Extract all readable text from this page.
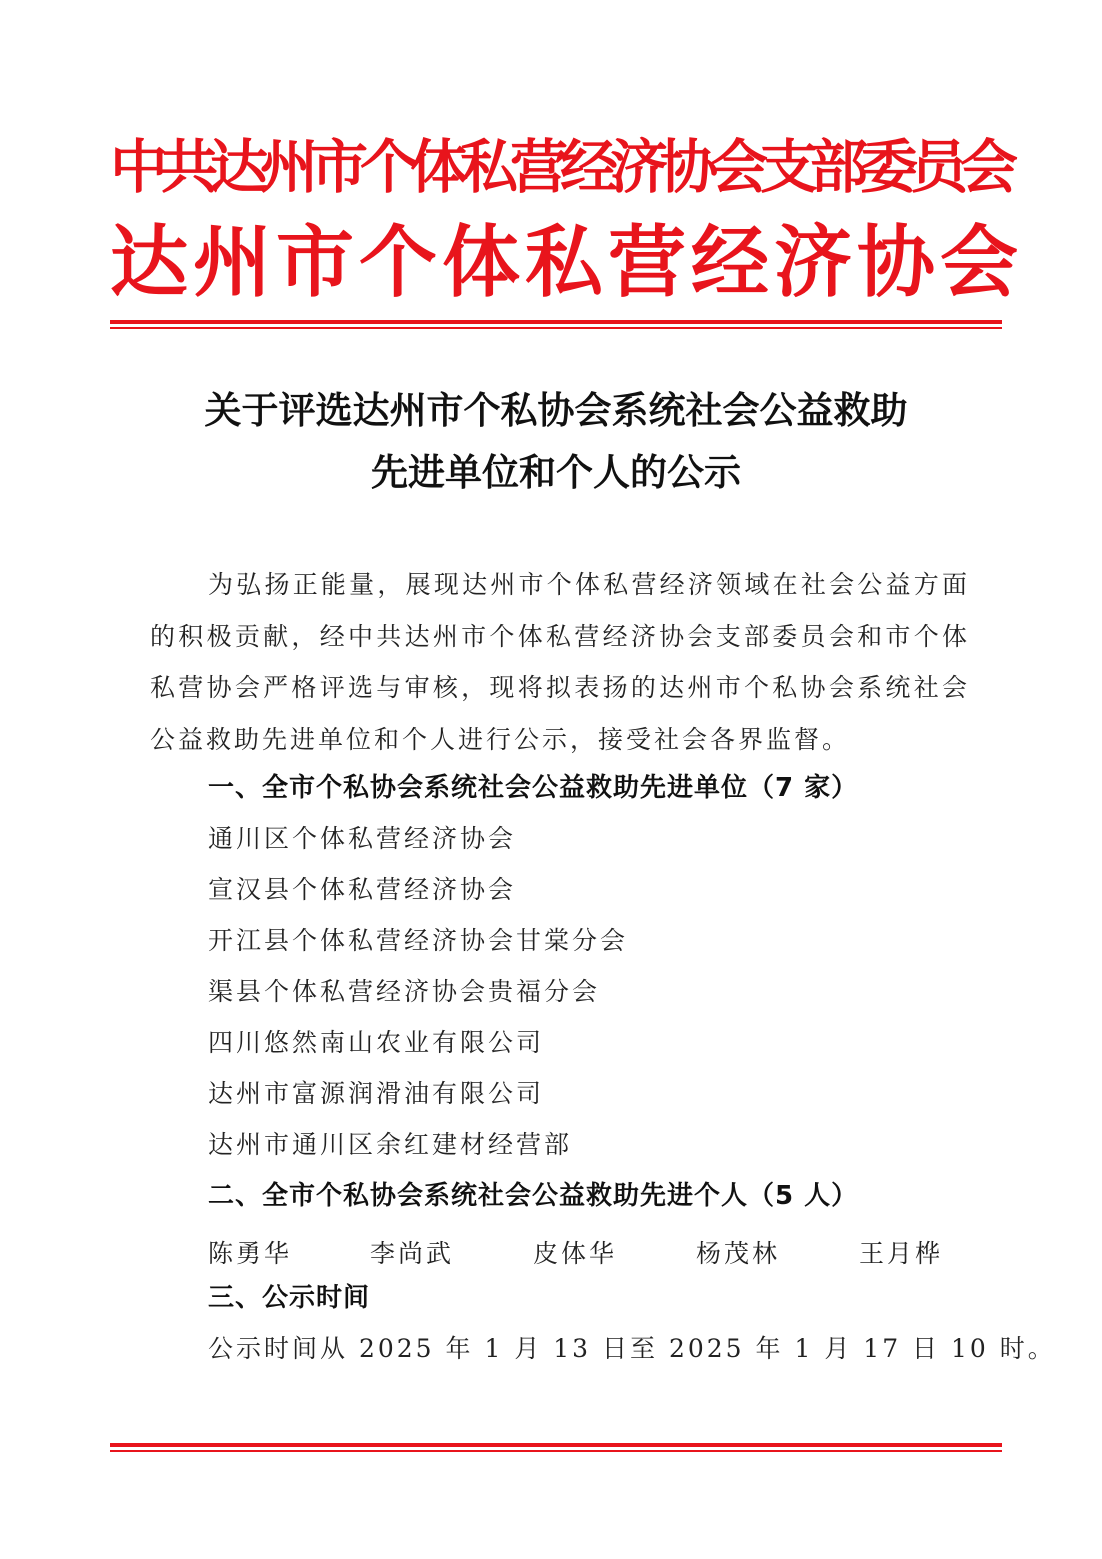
中共达州市个体私营经济协会支部委员会
达州市个体私营经济协会
关于评选达州市个私协会系统社会公益救助
先进单位和个人的公示
为弘扬正能量，展现达州市个体私营经济领域在社会公益方面的积极贡献，经中共达州市个体私营经济协会支部委员会和市个体私营协会严格评选与审核，现将拟表扬的达州市个私协会系统社会公益救助先进单位和个人进行公示，接受社会各界监督。
一、全市个私协会系统社会公益救助先进单位（7 家）
通川区个体私营经济协会
宣汉县个体私营经济协会
开江县个体私营经济协会甘棠分会
渠县个体私营经济协会贵福分会
四川悠然南山农业有限公司
达州市富源润滑油有限公司
达州市通川区余红建材经营部
二、全市个私协会系统社会公益救助先进个人（5 人）
陈勇华	李尚武	皮体华	杨茂林	王月桦
三、公示时间
公示时间从 2025 年 1 月 13 日至 2025 年 1 月 17 日 10 时。
